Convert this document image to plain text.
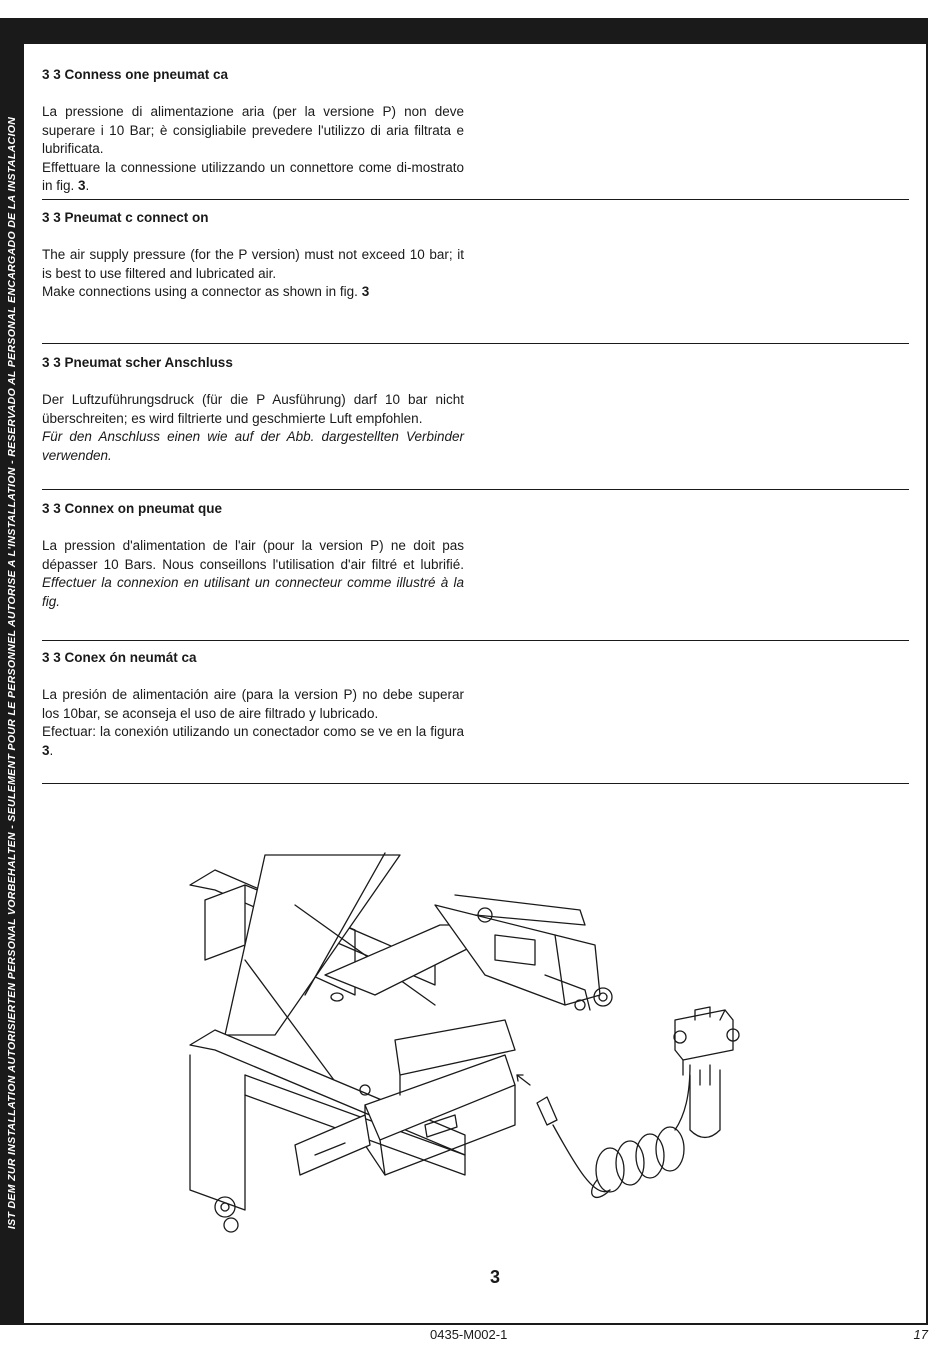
IST DEM ZUR INSTALLATION AUTORISIERTEN PERSONAL VORBEHALTEN - SEULEMENT POUR LE PERSONNEL AUTORISE A L'INSTALLATION - RESERVADO AL PERSONAL ENCARGADO DE LA INSTALACION
3 3 Conness one pneumat ca

La pressione di alimentazione aria (per la versione P) non deve superare i 10 Bar; è consigliabile prevedere l'utilizzo di aria filtrata e lubrificata.

Effettuare la connessione utilizzando un connettore come di-mostrato in fig. 3.

3 3 Pneumat c connect on

The air supply pressure (for the P version) must not exceed 10 bar; it is best to use filtered and lubricated air.

Make connections using a connector as shown in fig. 3

3 3 Pneumat scher Anschluss

Der Luftzuführungsdruck (für die P Ausführung) darf 10 bar nicht überschreiten; es wird filtrierte und geschmierte Luft empfohlen.

Für den Anschluss einen wie auf der Abb. dargestellten Verbinder verwenden.

3 3 Connex on pneumat que

La pression d'alimentation de l'air (pour la version P) ne doit pas dépasser 10 Bars. Nous conseillons l'utilisation d'air filtré et lubrifié. Effectuer la connexion en utilisant un connecteur comme illustré à la fig.

3 3 Conex ón neumát ca

La presión de alimentación aire (para la version P) no debe superar los 10bar, se aconseja el uso de aire filtrado y lubricado.

Efectuar: la conexión utilizando un conectador como se ve en la figura 3.

3
0435-M002-1	17
